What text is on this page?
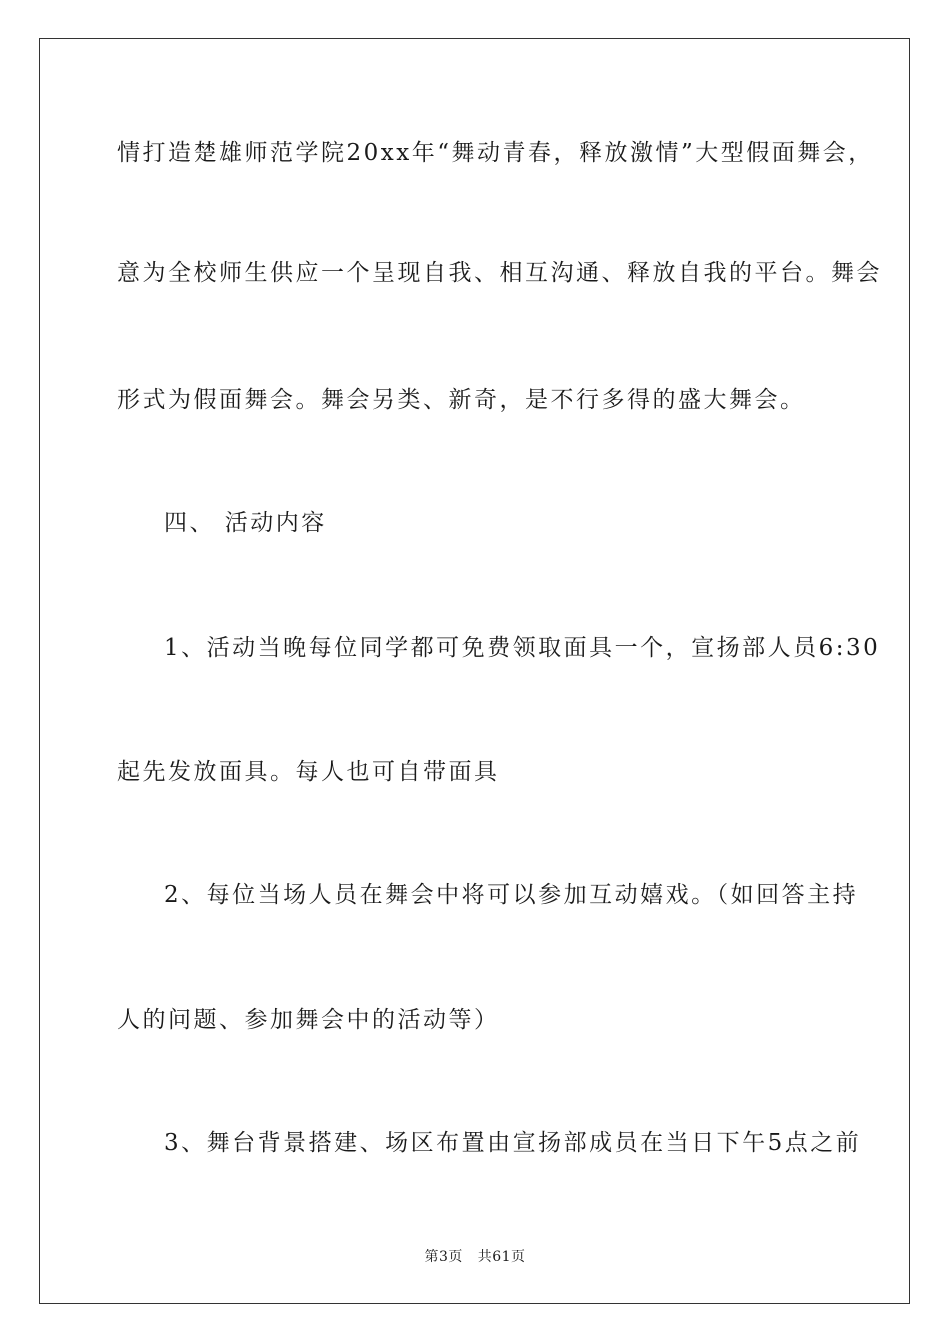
情打造楚雄师范学院20xx年“舞动青春，释放激情”大型假面舞会，
意为全校师生供应一个呈现自我、相互沟通、释放自我的平台。舞会
形式为假面舞会。舞会另类、新奇，是不行多得的盛大舞会。
四、 活动内容
1、活动当晚每位同学都可免费领取面具一个，宣扬部人员6:30
起先发放面具。每人也可自带面具
2、每位当场人员在舞会中将可以参加互动嬉戏。（如回答主持
人的问题、参加舞会中的活动等）
3、舞台背景搭建、场区布置由宣扬部成员在当日下午5点之前
第3页   共61页
